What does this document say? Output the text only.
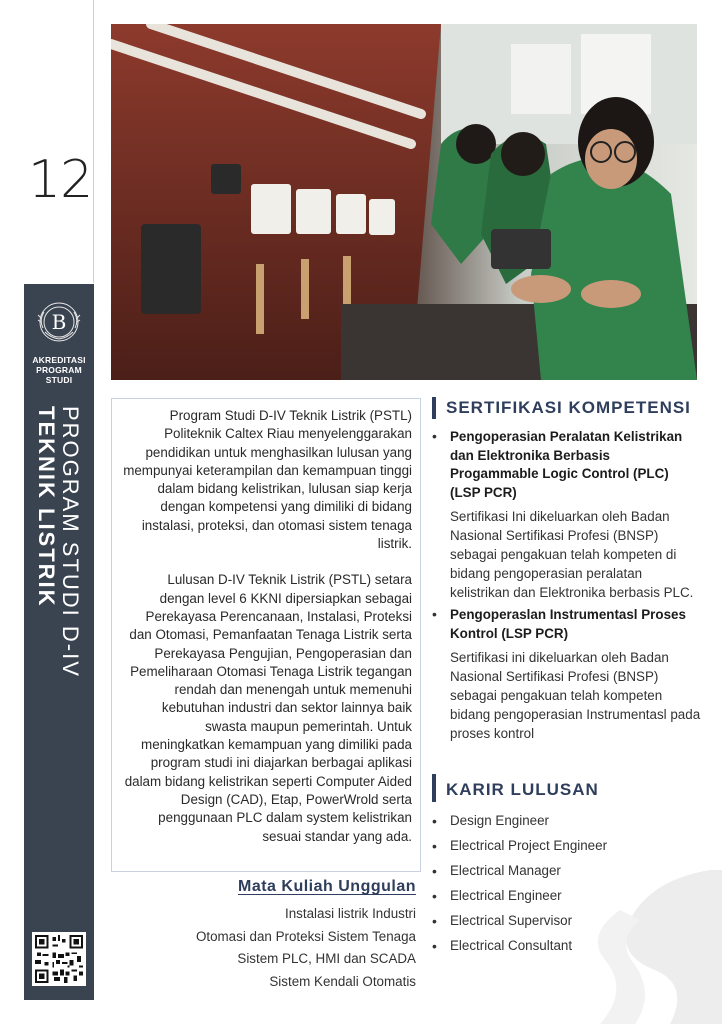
12
B
AKREDITASI
PROGRAM
STUDI
PROGRAM STUDI D-IV
TEKNIK LISTRIK	Program Studi D-IV Teknik Listrik (PSTL) Politeknik Caltex Riau menyelenggarakan pendidikan untuk menghasilkan lulusan yang mempunyai keterampilan dan kemampuan tinggi dalam bidang kelistrikan, lulusan siap kerja dengan kompetensi yang dimiliki di bidang instalasi, proteksi, dan otomasi sistem tenaga listrik.

Lulusan D-IV Teknik Listrik (PSTL) setara dengan level 6 KKNI dipersiapkan sebagai Perekayasa Perencanaan, Instalasi, Proteksi dan Otomasi, Pemanfaatan Tenaga Listrik serta Perekayasa Pengujian, Pengoperasian dan Pemeliharaan Otomasi Tenaga Listrik tegangan rendah dan menengah untuk memenuhi kebutuhan industri dan sektor lainnya baik swasta maupun pemerintah. Untuk meningkatkan kemampuan yang dimiliki pada program studi ini diajarkan berbagai aplikasi dalam bidang kelistrikan seperti Computer Aided Design (CAD), Etap, PowerWrold serta penggunaan PLC dalam system kelistrikan sesuai standar yang ada.

SERTIFIKASI KOMPETENSI
• Pengoperasian Peralatan Kelistrikan dan Elektronika Berbasis Progammable Logic Control (PLC) (LSP PCR)
Sertifikasi Ini dikeluarkan oleh Badan Nasional Sertifikasi Profesi (BNSP) sebagai pengakuan telah kompeten di bidang pengoperasian peralatan kelistrikan dan Elektronika berbasis PLC.
• Pengoperaslan Instrumentasl Proses Kontrol (LSP PCR)
Sertifikasi ini dikeluarkan oleh Badan Nasional Sertifikasi Profesi (BNSP) sebagai pengakuan telah kompeten bidang pengoperasian Instrumentasl pada proses kontrol
KARIR LULUSAN
• Design Engineer
• Electrical Project Engineer
• Electrical Manager
• Electrical Engineer
• Electrical Supervisor
• Electrical Consultant
Mata Kuliah Unggulan
Instalasi listrik Industri
Otomasi dan Proteksi Sistem Tenaga
Sistem PLC, HMI dan SCADA
Sistem Kendali Otomatis
